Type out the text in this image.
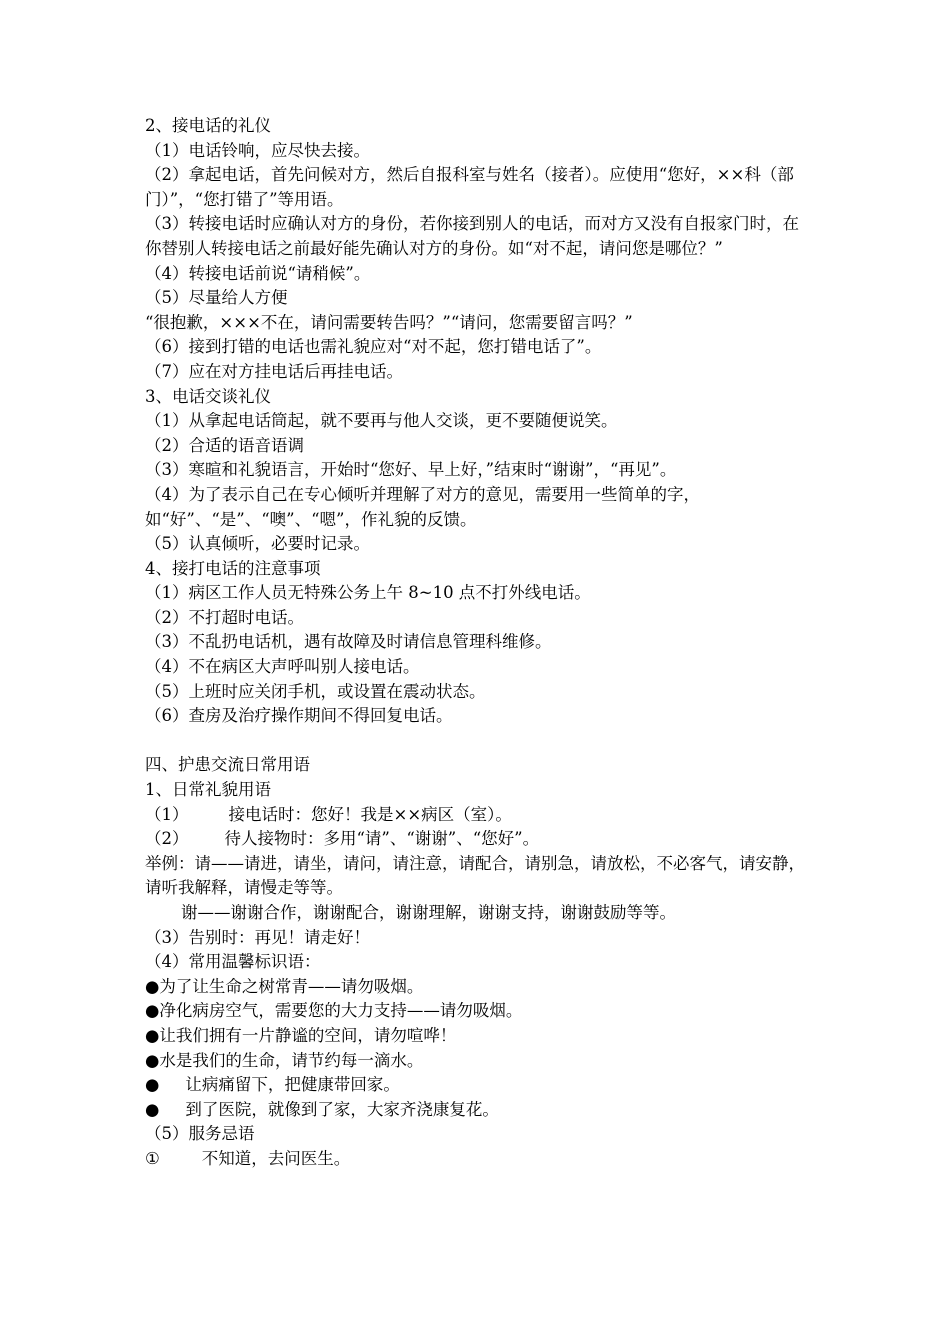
2、接电话的礼仪
（1）电话铃响，应尽快去接。
（2）拿起电话，首先问候对方，然后自报科室与姓名（接者）。应使用“您好，××科（部门）”，“您打错了”等用语。
（3）转接电话时应确认对方的身份，若你接到别人的电话，而对方又没有自报家门时，在你替别人转接电话之前最好能先确认对方的身份。如“对不起，请问您是哪位？”
（4）转接电话前说“请稍候”。
（5）尽量给人方便
“很抱歉，×××不在，请问需要转告吗？”“请问，您需要留言吗？”
（6）接到打错的电话也需礼貌应对“对不起，您打错电话了”。
（7）应在对方挂电话后再挂电话。
3、电话交谈礼仪
（1）从拿起电话筒起，就不要再与他人交谈，更不要随便说笑。
（2）合适的语音语调
（3）寒暄和礼貌语言，开始时“您好、早上好，”结束时“谢谢”，“再见”。
（4）为了表示自己在专心倾听并理解了对方的意见，需要用一些简单的字，如“好”、“是”、“噢”、“嗯”，作礼貌的反馈。
（5）认真倾听，必要时记录。
4、接打电话的注意事项
（1）病区工作人员无特殊公务上午 8~10 点不打外线电话。
（2）不打超时电话。
（3）不乱扔电话机，遇有故障及时请信息管理科维修。
（4）不在病区大声呼叫别人接电话。
（5）上班时应关闭手机，或设置在震动状态。
（6）查房及治疗操作期间不得回复电话。
四、护患交流日常用语
1、日常礼貌用语
（1） 接电话时：您好！我是××病区（室）。
（2） 待人接物时：多用“请”、“谢谢”、“您好”。
举例：请——请进，请坐，请问，请注意，请配合，请别急，请放松，不必客气，请安静，请听我解释，请慢走等等。
谢——谢谢合作，谢谢配合，谢谢理解，谢谢支持，谢谢鼓励等等。
（3）告别时：再见！请走好！
（4）常用温馨标识语：
●为了让生命之树常青——请勿吸烟。
●净化病房空气，需要您的大力支持——请勿吸烟。
●让我们拥有一片静谧的空间，请勿喧哗！
●水是我们的生命，请节约每一滴水。
● 让病痛留下，把健康带回家。
● 到了医院，就像到了家，大家齐浇康复花。
（5）服务忌语
①	不知道，去问医生。
